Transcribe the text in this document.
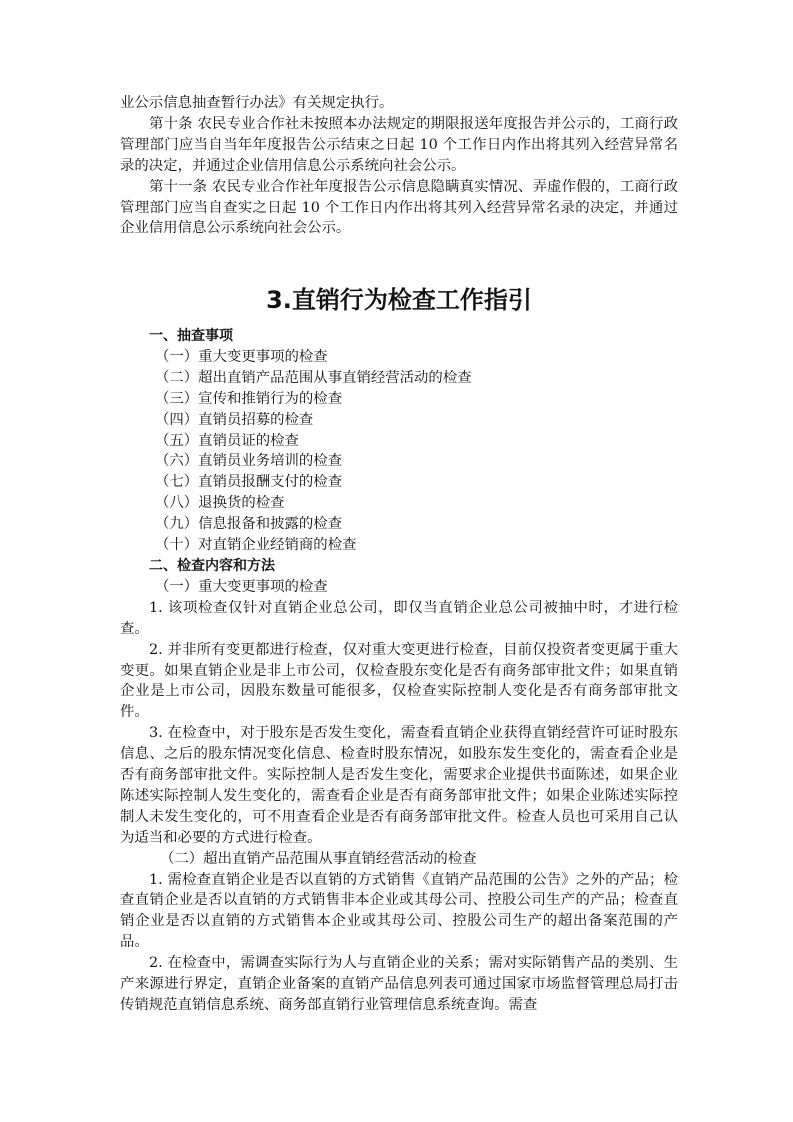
业公示信息抽查暂行办法》有关规定执行。

第十条 农民专业合作社未按照本办法规定的期限报送年度报告并公示的，工商行政管理部门应当自当年年度报告公示结束之日起 10 个工作日内作出将其列入经营异常名录的决定，并通过企业信用信息公示系统向社会公示。

第十一条 农民专业合作社年度报告公示信息隐瞒真实情况、弄虚作假的，工商行政管理部门应当自查实之日起 10 个工作日内作出将其列入经营异常名录的决定，并通过企业信用信息公示系统向社会公示。

3.直销行为检查工作指引

一、抽查事项

（一）重大变更事项的检查

（二）超出直销产品范围从事直销经营活动的检查

（三）宣传和推销行为的检查

（四）直销员招募的检查

（五）直销员证的检查

（六）直销员业务培训的检查

（七）直销员报酬支付的检查

（八）退换货的检查

（九）信息报备和披露的检查

（十）对直销企业经销商的检查

二、检查内容和方法

（一）重大变更事项的检查

1. 该项检查仅针对直销企业总公司，即仅当直销企业总公司被抽中时，才进行检查。

2. 并非所有变更都进行检查，仅对重大变更进行检查，目前仅投资者变更属于重大变更。如果直销企业是非上市公司，仅检查股东变化是否有商务部审批文件；如果直销企业是上市公司，因股东数量可能很多，仅检查实际控制人变化是否有商务部审批文件。

3. 在检查中，对于股东是否发生变化，需查看直销企业获得直销经营许可证时股东信息、之后的股东情况变化信息、检查时股东情况，如股东发生变化的，需查看企业是否有商务部审批文件。实际控制人是否发生变化，需要求企业提供书面陈述，如果企业陈述实际控制人发生变化的，需查看企业是否有商务部审批文件；如果企业陈述实际控制人未发生变化的，可不用查看企业是否有商务部审批文件。检查人员也可采用自己认为适当和必要的方式进行检查。

（二）超出直销产品范围从事直销经营活动的检查

1. 需检查直销企业是否以直销的方式销售《直销产品范围的公告》之外的产品；检查直销企业是否以直销的方式销售非本企业或其母公司、控股公司生产的产品；检查直销企业是否以直销的方式销售本企业或其母公司、控股公司生产的超出备案范围的产品。

2. 在检查中，需调查实际行为人与直销企业的关系；需对实际销售产品的类别、生产来源进行界定，直销企业备案的直销产品信息列表可通过国家市场监督管理总局打击传销规范直销信息系统、商务部直销行业管理信息系统查询。需查
